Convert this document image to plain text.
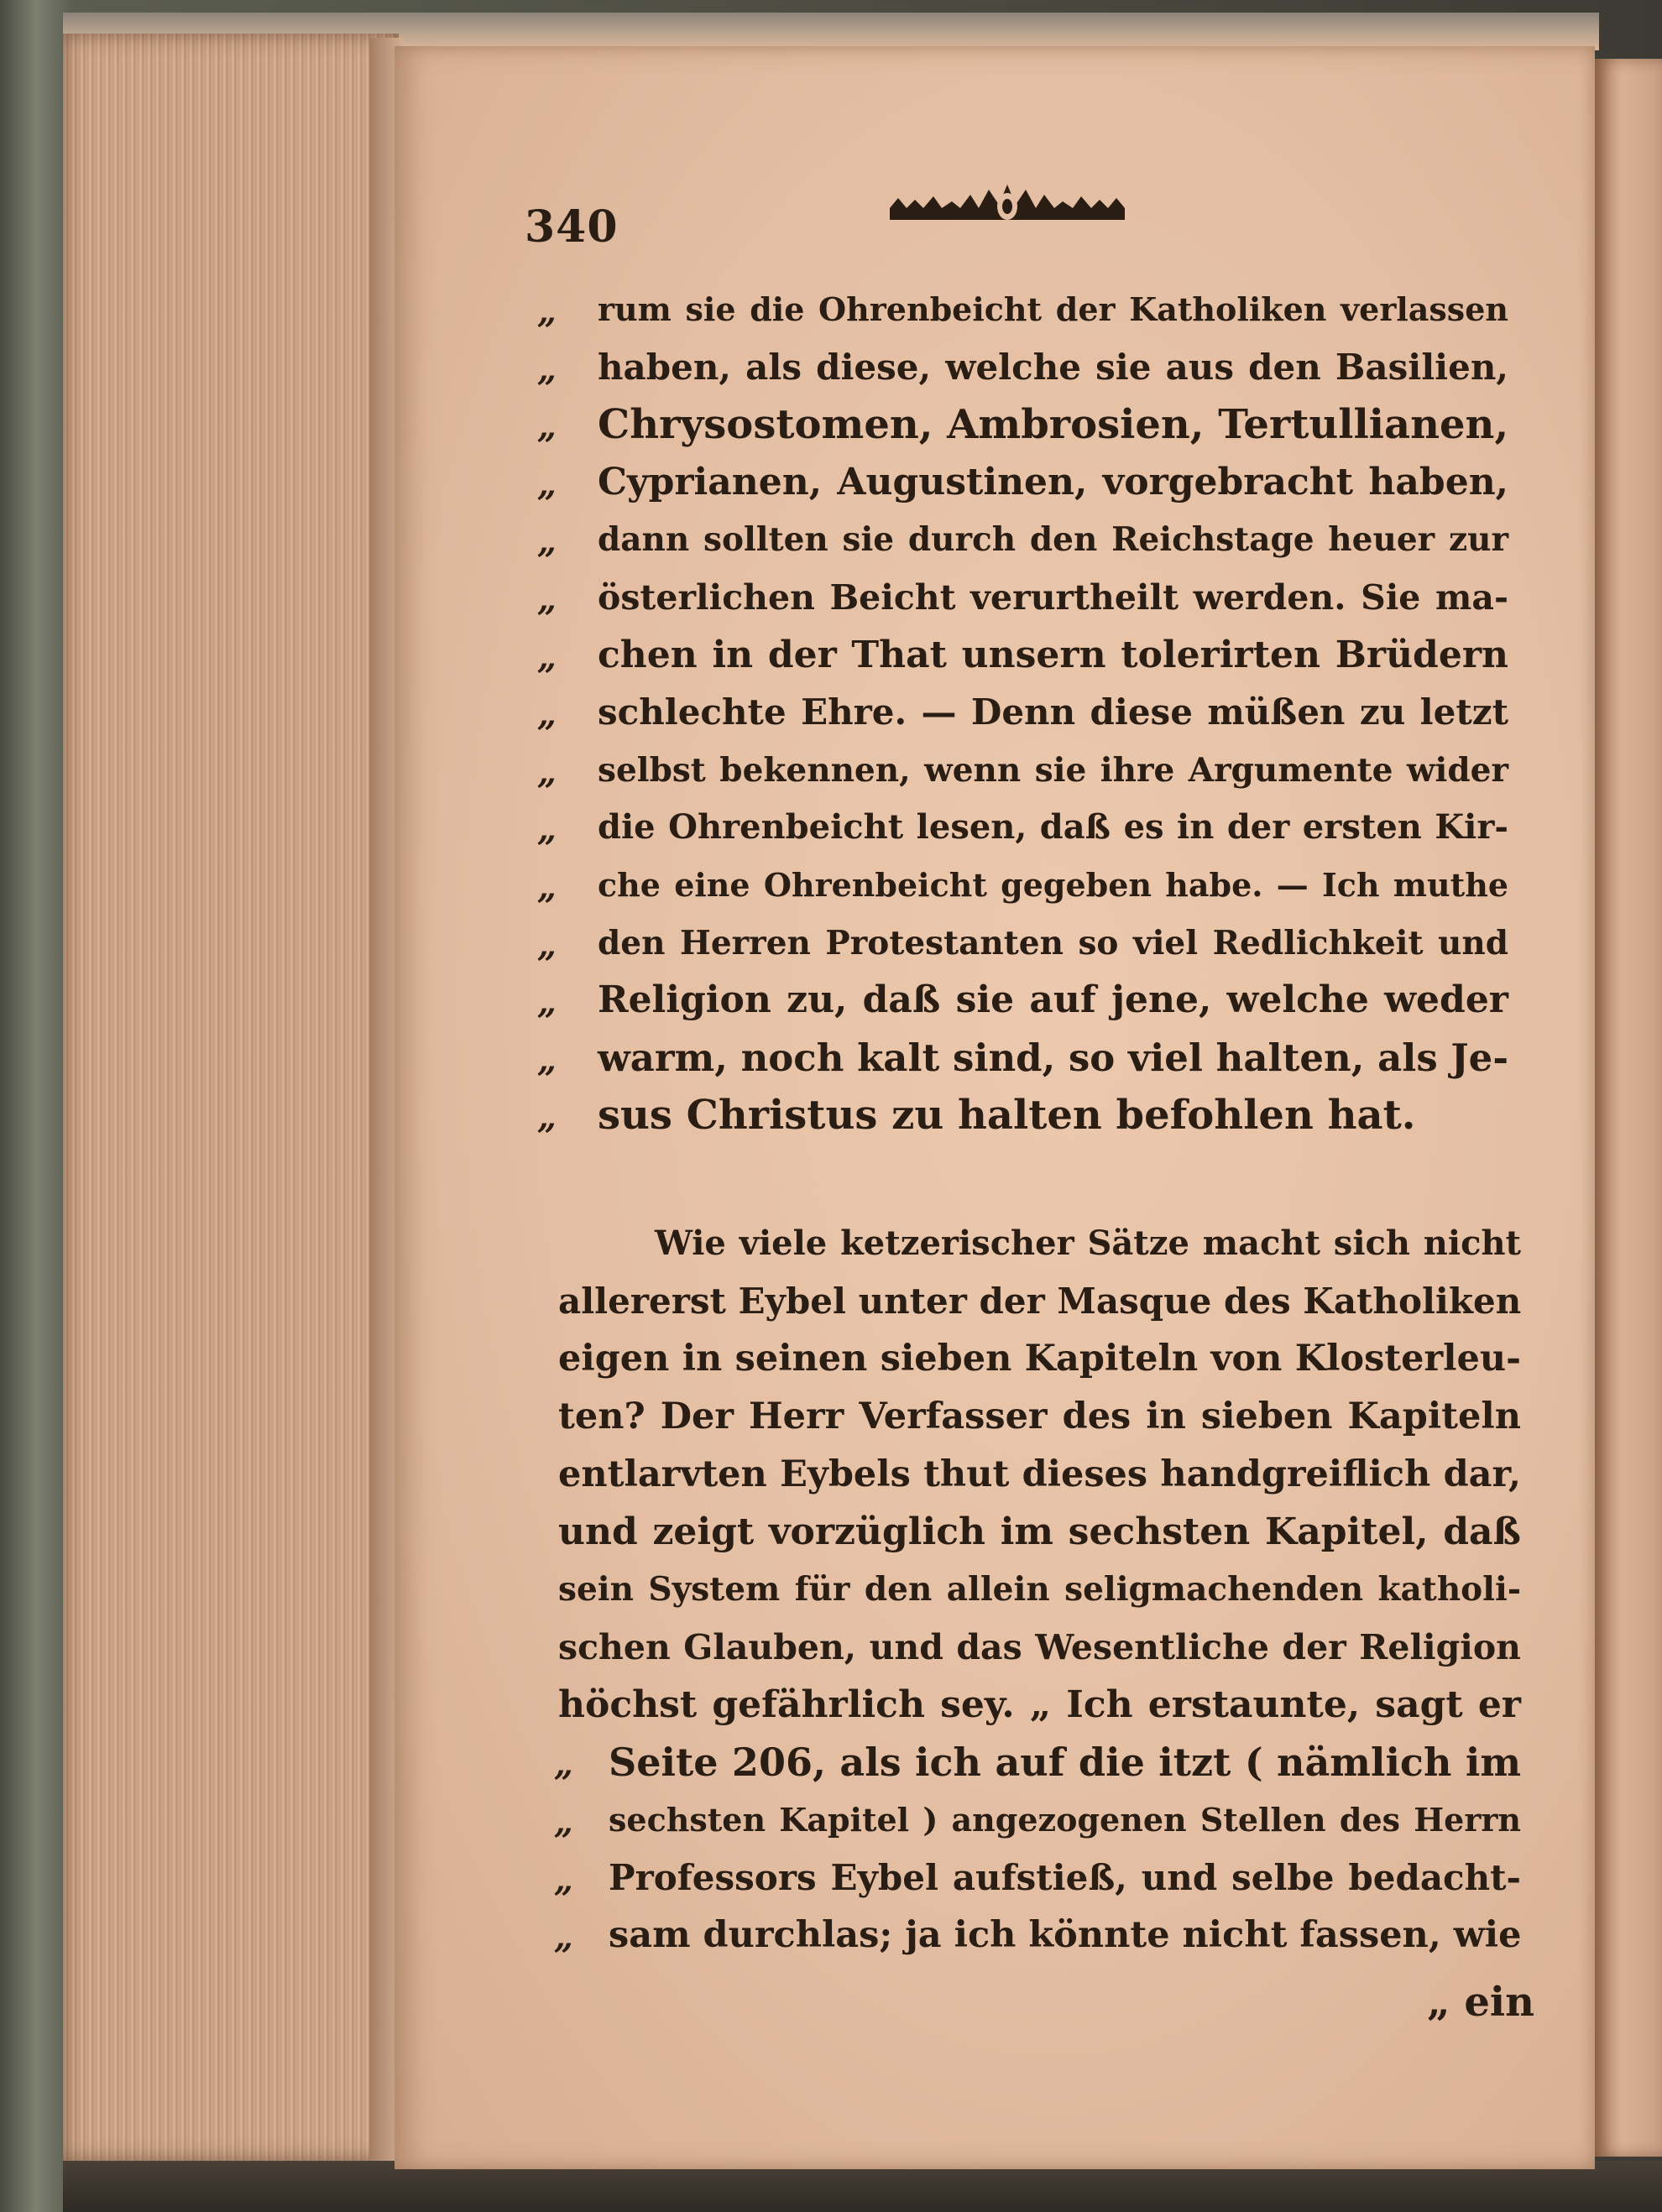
340
„ rum sie die Ohrenbeicht der Katholiken verlassen
„ haben, als diese, welche sie aus den Basilien,
„ Chrysostomen, Ambrosien, Tertullianen,
„ Cyprianen, Augustinen, vorgebracht haben,
„ dann sollten sie durch den Reichstage heuer zur
„ österlichen Beicht verurtheilt werden. Sie ma-
„ chen in der That unsern tolerirten Brüdern
„ schlechte Ehre. — Denn diese müßen zu letzt
„ selbst bekennen, wenn sie ihre Argumente wider
„ die Ohrenbeicht lesen, daß es in der ersten Kir-
„ che eine Ohrenbeicht gegeben habe. — Ich muthe
„ den Herren Protestanten so viel Redlichkeit und
„ Religion zu, daß sie auf jene, welche weder
„ warm, noch kalt sind, so viel halten, als Je-
„ sus Christus zu halten befohlen hat.
Wie viele ketzerischer Sätze macht sich nicht
allererst Eybel unter der Masque des Katholiken
eigen in seinen sieben Kapiteln von Klosterleu-
ten? Der Herr Verfasser des in sieben Kapiteln
entlarvten Eybels thut dieses handgreiflich dar,
und zeigt vorzüglich im sechsten Kapitel, daß
sein System für den allein seligmachenden katholi-
schen Glauben, und das Wesentliche der Religion
höchst gefährlich sey. „ Ich erstaunte, sagt er
„ Seite 206, als ich auf die itzt ( nämlich im
„ sechsten Kapitel ) angezogenen Stellen des Herrn
„ Professors Eybel aufstieß, und selbe bedacht-
„ sam durchlas; ja ich könnte nicht fassen, wie
„ ein
